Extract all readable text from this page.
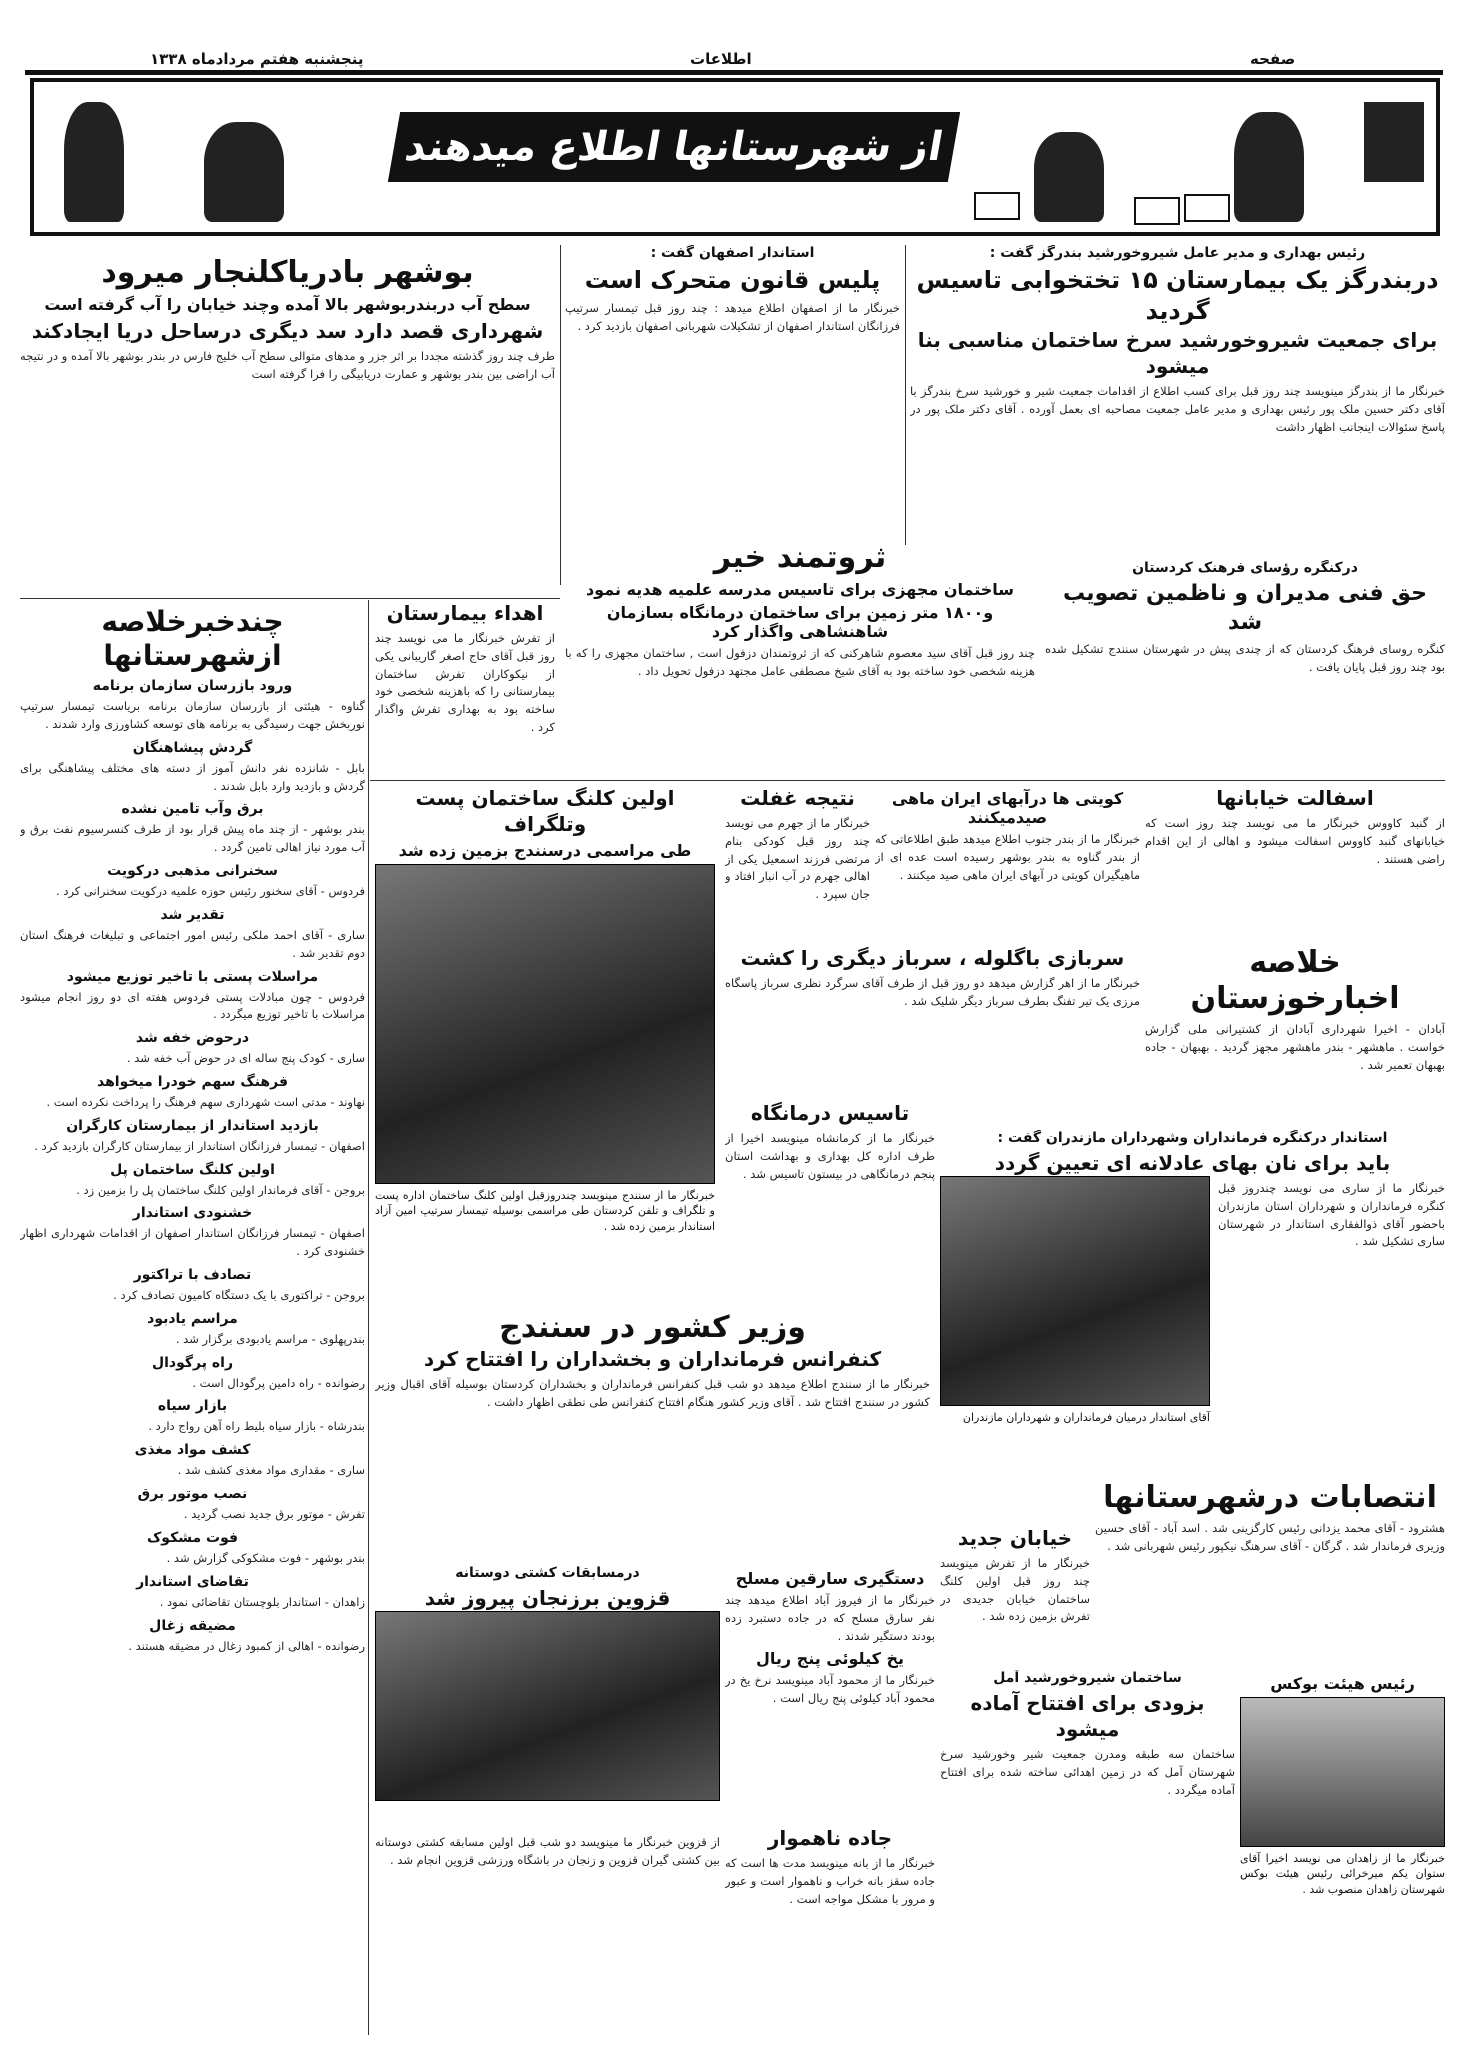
پنجشنبه هفتم مردادماه ۱۳۳۸	اطلاعات	صفحه
از شهرستانها اطلاع میدهند
رئیس بهداری و مدیر عامل شیروخورشید بندرگز گفت :
دربندرگز یک بیمارستان ۱۵ تختخوابی تاسیس گردید
برای جمعیت شیروخورشید سرخ ساختمان مناسبی بنا میشود
خبرنگار ما از بندرگز مینویسد چند روز قبل برای کسب اطلاع از اقدامات جمعیت شیر و خورشید سرخ بندرگز با آقای دکتر حسین ملک پور رئیس بهداری و مدیر عامل جمعیت مصاحبه ای بعمل آورده . آقای دکتر ملک پور در پاسخ سئوالات اینجانب اظهار داشت
استاندار اصفهان گفت :
پلیس قانون متحرک است
خبرنگار ما از اصفهان اطلاع میدهد : چند روز قبل تیمسار سرتیپ فرزانگان استاندار اصفهان از تشکیلات شهربانی اصفهان بازدید کرد .
بوشهر بادریاکلنجار میرود
سطح آب دربندربوشهر بالا آمده وچند خیابان را آب گرفته است
شهرداری قصد دارد سد دیگری درساحل دریا ایجادکند
طرف چند روز گذشته مجددا بر اثر جزر و مدهای متوالی سطح آب خلیج فارس در بندر بوشهر بالا آمده و در نتیجه آب اراضی بین بندر بوشهر و عمارت دریابیگی را فرا گرفته است
درکنگره رؤسای فرهنک کردستان
حق فنی مدیران و ناظمین تصویب شد
کنگره روسای فرهنگ کردستان که از چندی پیش در شهرستان سنندج تشکیل شده بود چند روز قبل پایان یافت .
ثروتمند خیر
ساختمان مجهزی برای تاسیس مدرسه علمیه هدیه نمود
و۱۸۰۰ متر زمین برای ساختمان درمانگاه بسازمان شاهنشاهی واگذار کرد
چند روز قبل آقای سید معصوم شاهرکنی که از ثروتمندان دزفول است , ساختمان مجهزی را که با هزینه شخصی خود ساخته بود به آقای شیخ مصطفی عامل مجتهد دزفول تحویل داد .
چندخبرخلاصه ازشهرستانها
ورود بازرسان سازمان برنامه
گناوه - هیئتی از بازرسان سازمان برنامه بریاست تیمسار سرتیپ نوربخش جهت رسیدگی به برنامه های توسعه کشاورزی وارد شدند .
گردش پیشاهنگان
بابل - شانزده نفر دانش آموز از دسته های مختلف پیشاهنگی برای گردش و بازدید وارد بابل شدند .
برق وآب تامین نشده
بندر بوشهر - از چند ماه پیش قرار بود از طرف کنسرسیوم نفت برق و آب مورد نیاز اهالی تامین گردد .
سخنرانی مذهبی درکویت
فردوس - آقای سخنور رئیس حوزه علمیه درکویت سخنرانی کرد .
تقدیر شد
ساری - آقای احمد ملکی رئیس امور اجتماعی و تبلیغات فرهنگ استان دوم تقدیر شد .
مراسلات پستی با تاخیر توزیع میشود
فردوس - چون مبادلات پستی فردوس هفته ای دو روز انجام میشود مراسلات با تاخیر توزیع میگردد .
درحوض خفه شد
ساری - کودک پنج ساله ای در حوض آب خفه شد .
فرهنگ سهم خودرا میخواهد
نهاوند - مدتی است شهرداری سهم فرهنگ را پرداخت نکرده است .
بازدید استاندار از بیمارستان کارگران
اصفهان - تیمسار فرزانگان استاندار از بیمارستان کارگران بازدید کرد .
اولین کلنگ ساختمان پل
بروجن - آقای فرماندار اولین کلنگ ساختمان پل را بزمین زد .
خشنودی استاندار
اصفهان - تیمسار فرزانگان استاندار اصفهان از اقدامات شهرداری اظهار خشنودی کرد .
تصادف با تراکتور
بروجن - تراکتوری با یک دستگاه کامیون تصادف کرد .
مراسم یادبود
بندرپهلوی - مراسم یادبودی برگزار شد .
راه پرگودال
رضوانده - راه دامین پرگودال است .
بازار سیاه
بندرشاه - بازار سیاه بلیط راه آهن رواج دارد .
کشف مواد مغذی
ساری - مقداری مواد مغذی کشف شد .
نصب موتور برق
تفرش - موتور برق جدید نصب گردید .
فوت مشکوک
بندر بوشهر - فوت مشکوکی گزارش شد .
تقاضای استاندار
زاهدان - استاندار بلوچستان تقاضائی نمود .
مضیقه زغال
رضوانده - اهالی از کمبود زغال در مضیقه هستند .
اهداء بیمارستان
از تفرش خبرنگار ما می نویسد چند روز قبل آقای حاج اصغر گاریبانی یکی از نیکوکاران تفرش ساختمان بیمارستانی را که باهزینه شخصی خود ساخته بود به بهداری تفرش واگذار کرد .
اولین کلنگ ساختمان پست وتلگراف
طی مراسمی درسنندج بزمین زده شد
خبرنگار ما از سنندج مینویسد چندروزقبل اولین کلنگ ساختمان اداره پست و تلگراف و تلفن کردستان طی مراسمی بوسیله تیمسار سرتیپ امین آزاد استاندار بزمین زده شد .
نتیجه غفلت
خبرنگار ما از جهرم می نویسد چند روز قبل کودکی بنام مرتضی فرزند اسمعیل یکی از اهالی جهرم در آب انبار افتاد و جان سپرد .
کویتی ها درآبهای ایران ماهی صیدمیکنند
خبرنگار ما از بندر جنوب اطلاع میدهد طبق اطلاعاتی که از بندر گناوه به بندر بوشهر رسیده است عده ای از ماهیگیران کویتی در آبهای ایران ماهی صید میکنند .
اسفالت خیابانها
از گنبد کاووس خبرنگار ما می نویسد چند روز است که خیابانهای گنبد کاووس اسفالت میشود و اهالی از این اقدام راضی هستند .
سربازی باگلوله ، سرباز دیگری را کشت
خبرنگار ما از اهر گزارش میدهد دو روز قبل از طرف آقای سرگرد نظری سرباز پاسگاه مرزی یک تیر تفنگ بطرف سرباز دیگر شلیک شد .
خلاصه اخبارخوزستان
آبادان - اخیرا شهرداری آبادان از کشتیرانی ملی گزارش خواست . ماهشهر - بندر ماهشهر مجهز گردید . بهبهان - جاده بهبهان تعمیر شد .
تاسیس درمانگاه
خبرنگار ما از کرمانشاه مینویسد اخیرا از طرف اداره کل بهداری و بهداشت استان پنجم درمانگاهی در بیستون تاسیس شد .
استاندار درکنگره فرمانداران وشهرداران مازندران گفت :
باید برای نان بهای عادلانه ای تعیین گردد
خبرنگار ما از ساری می نویسد چندروز قبل کنگره فرمانداران و شهرداران استان مازندران باحضور آقای ذوالفقاری استاندار در شهرستان ساری تشکیل شد .
آقای استاندار درمیان فرمانداران و شهرداران مازندران
وزیر کشور در سنندج
کنفرانس فرمانداران و بخشداران را افتتاح کرد
خبرنگار ما از سنندج اطلاع میدهد دو شب قبل کنفرانس فرمانداران و بخشداران کردستان بوسیله آقای اقبال وزیر کشور در سنندج افتتاح شد . آقای وزیر کشور هنگام افتتاح کنفرانس طی نطقی اظهار داشت .
درمسابقات کشتی دوستانه
قزوین برزنجان پیروز شد
از قزوین خبرنگار ما مینویسد دو شب قبل اولین مسابقه کشتی دوستانه بین کشتی گیران قزوین و زنجان در باشگاه ورزشی قزوین انجام شد .
دستگیری سارقین مسلح
خبرنگار ما از فیروز آباد اطلاع میدهد چند نفر سارق مسلح که در جاده دستبرد زده بودند دستگیر شدند .
یخ کیلوئی پنج ریال
خبرنگار ما از محمود آباد مینویسد نرخ یخ در محمود آباد کیلوئی پنج ریال است .
جاده ناهموار
خبرنگار ما از بانه مینویسد مدت ها است که جاده سقز بانه خراب و ناهموار است و عبور و مرور با مشکل مواجه است .
انتصابات درشهرستانها
هشترود - آقای محمد یزدانی رئیس کارگزینی شد . اسد آباد - آقای حسین وزیری فرماندار شد . گرگان - آقای سرهنگ نیکپور رئیس شهربانی شد .
خیابان جدید
خبرنگار ما از تفرش مینویسد چند روز قبل اولین کلنگ ساختمان خیابان جدیدی در تفرش بزمین زده شد .
ساختمان شیروخورشید آمل
بزودی برای افتتاح آماده میشود
ساختمان سه طبقه ومدرن جمعیت شیر وخورشید سرخ شهرستان آمل که در زمین اهدائی ساخته شده برای افتتاح آماده میگردد .
رئیس هیئت بوکس
خبرنگار ما از زاهدان می نویسد اخیرا آقای ستوان یکم میرخرائی رئیس هیئت بوکس شهرستان زاهدان منصوب شد .
